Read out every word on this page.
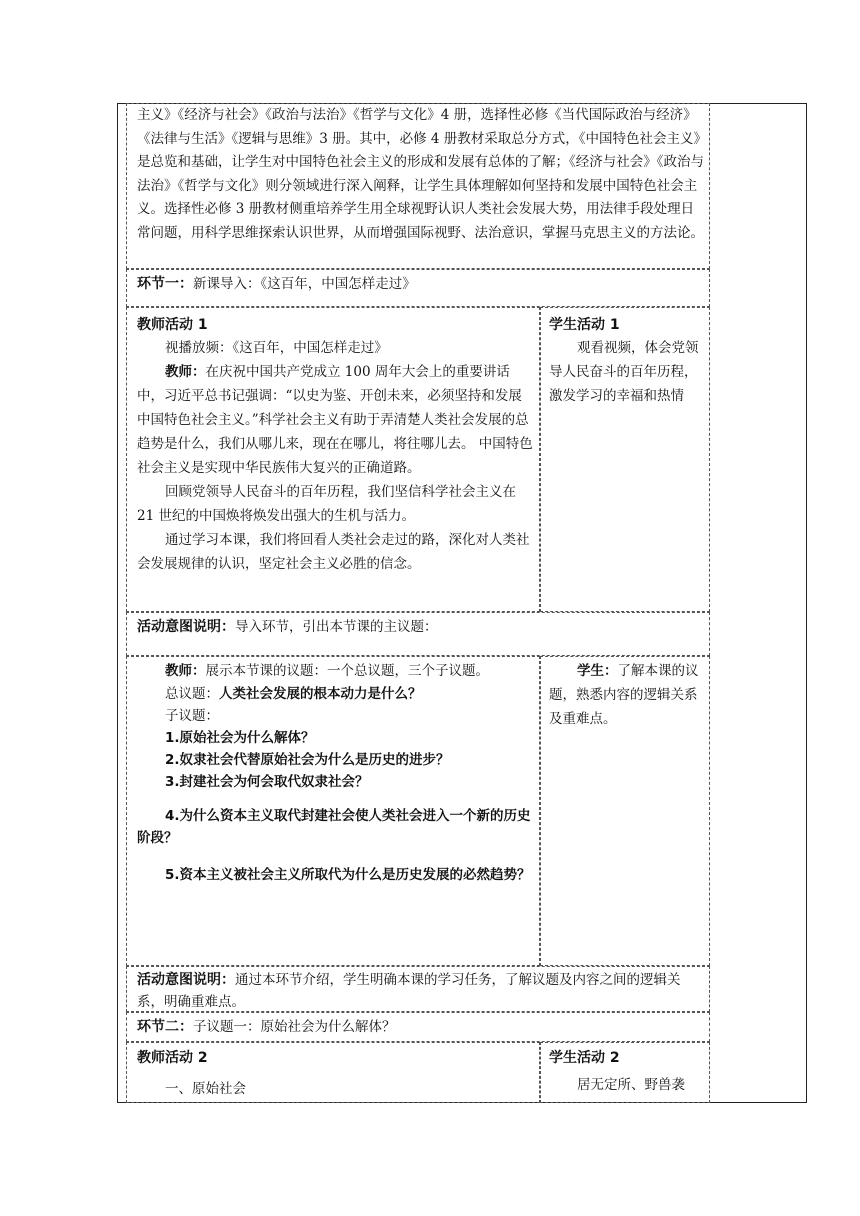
主义》《经济与社会》《政治与法治》《哲学与文化》4 册，选择性必修《当代国际政治与经济》《法律与生活》《逻辑与思维》3 册。其中，必修 4 册教材采取总分方式，《中国特色社会主义》是总览和基础，让学生对中国特色社会主义的形成和发展有总体的了解；《经济与社会》《政治与法治》《哲学与文化》则分领域进行深入阐释，让学生具体理解如何坚持和发展中国特色社会主义。选择性必修 3 册教材侧重培养学生用全球视野认识人类社会发展大势，用法律手段处理日常问题，用科学思维探索认识世界，从而增强国际视野、法治意识，掌握马克思主义的方法论。

环节一：新课导入：《这百年，中国怎样走过》
教师活动 1

视播放频：《这百年，中国怎样走过》

教师：在庆祝中国共产党成立 100 周年大会上的重要讲话中，习近平总书记强调：“以史为鉴、开创未来，必须坚持和发展中国特色社会主义。”科学社会主义有助于弄清楚人类社会发展的总趋势是什么，我们从哪儿来，现在在哪儿，将往哪儿去。 中国特色社会主义是实现中华民族伟大复兴的正确道路。

回顾党领导人民奋斗的百年历程，我们坚信科学社会主义在 21 世纪的中国焕将焕发出强大的生机与活力。

通过学习本课，我们将回看人类社会走过的路，深化对人类社会发展规律的认识，坚定社会主义必胜的信念。

学生活动 1

观看视频，体会党领导人民奋斗的百年历程，激发学习的幸福和热情

活动意图说明：导入环节，引出本节课的主议题：

教师：展示本节课的议题：一个总议题，三个子议题。

总议题：人类社会发展的根本动力是什么？

子议题：

1.原始社会为什么解体？

2.奴隶社会代替原始社会为什么是历史的进步？

3.封建社会为何会取代奴隶社会？

4.为什么资本主义取代封建社会使人类社会进入一个新的历史阶段？

5.资本主义被社会主义所取代为什么是历史发展的必然趋势？

学生：了解本课的议题，熟悉内容的逻辑关系及重难点。

活动意图说明：通过本环节介绍，学生明确本课的学习任务，了解议题及内容之间的逻辑关系，明确重难点。

环节二：子议题一：原始社会为什么解体？
教师活动 2

一、原始社会

学生活动 2

居无定所、野兽袭
